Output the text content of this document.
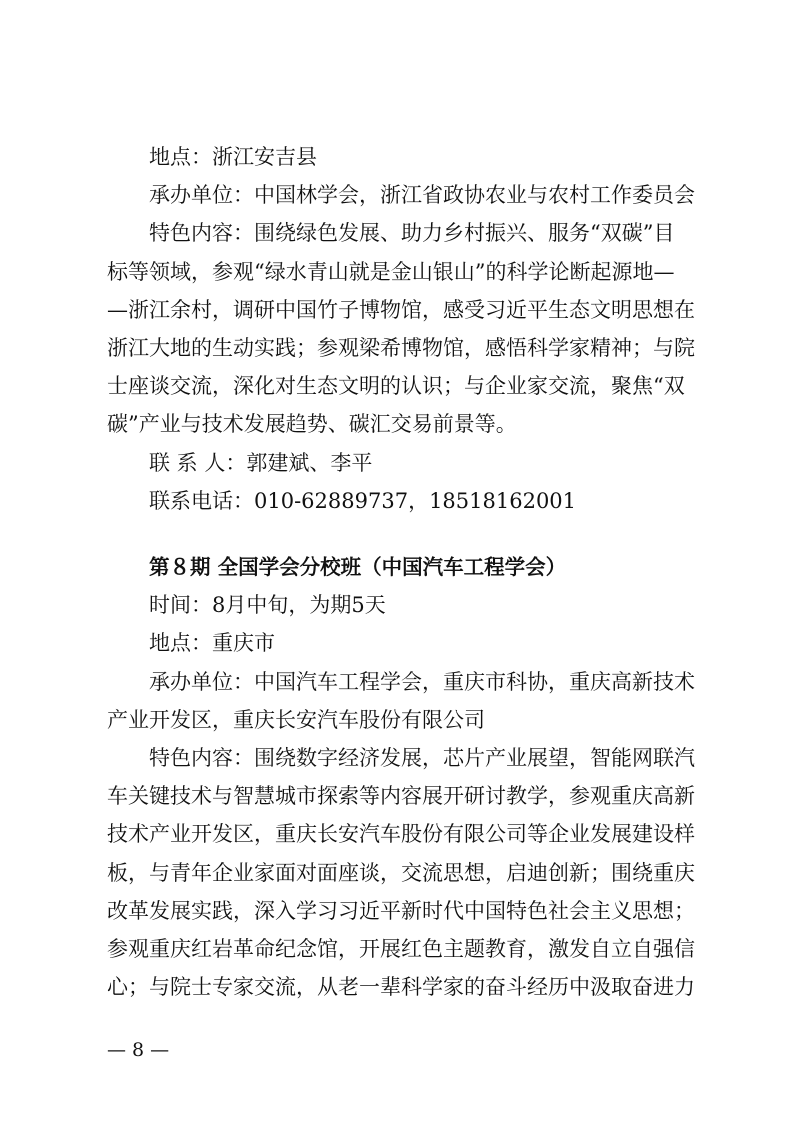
地点：浙江安吉县
承办单位：中国林学会，浙江省政协农业与农村工作委员会
特色内容：围绕绿色发展、助力乡村振兴、服务“双碳”目
标等领域，参观“绿水青山就是金山银山”的科学论断起源地—
—浙江余村，调研中国竹子博物馆，感受习近平生态文明思想在
浙江大地的生动实践；参观梁希博物馆，感悟科学家精神；与院
士座谈交流，深化对生态文明的认识；与企业家交流，聚焦“双
碳”产业与技术发展趋势、碳汇交易前景等。
联 系 人：郭建斌、李平
联系电话：010-62889737，18518162001
第８期 全国学会分校班（中国汽车工程学会）
时间：8月中旬，为期5天
地点：重庆市
承办单位：中国汽车工程学会，重庆市科协，重庆高新技术
产业开发区，重庆长安汽车股份有限公司
特色内容：围绕数字经济发展，芯片产业展望，智能网联汽
车关键技术与智慧城市探索等内容展开研讨教学，参观重庆高新
技术产业开发区，重庆长安汽车股份有限公司等企业发展建设样
板，与青年企业家面对面座谈，交流思想，启迪创新；围绕重庆
改革发展实践，深入学习习近平新时代中国特色社会主义思想；
参观重庆红岩革命纪念馆，开展红色主题教育，激发自立自强信
心；与院士专家交流，从老一辈科学家的奋斗经历中汲取奋进力
— 8 —
